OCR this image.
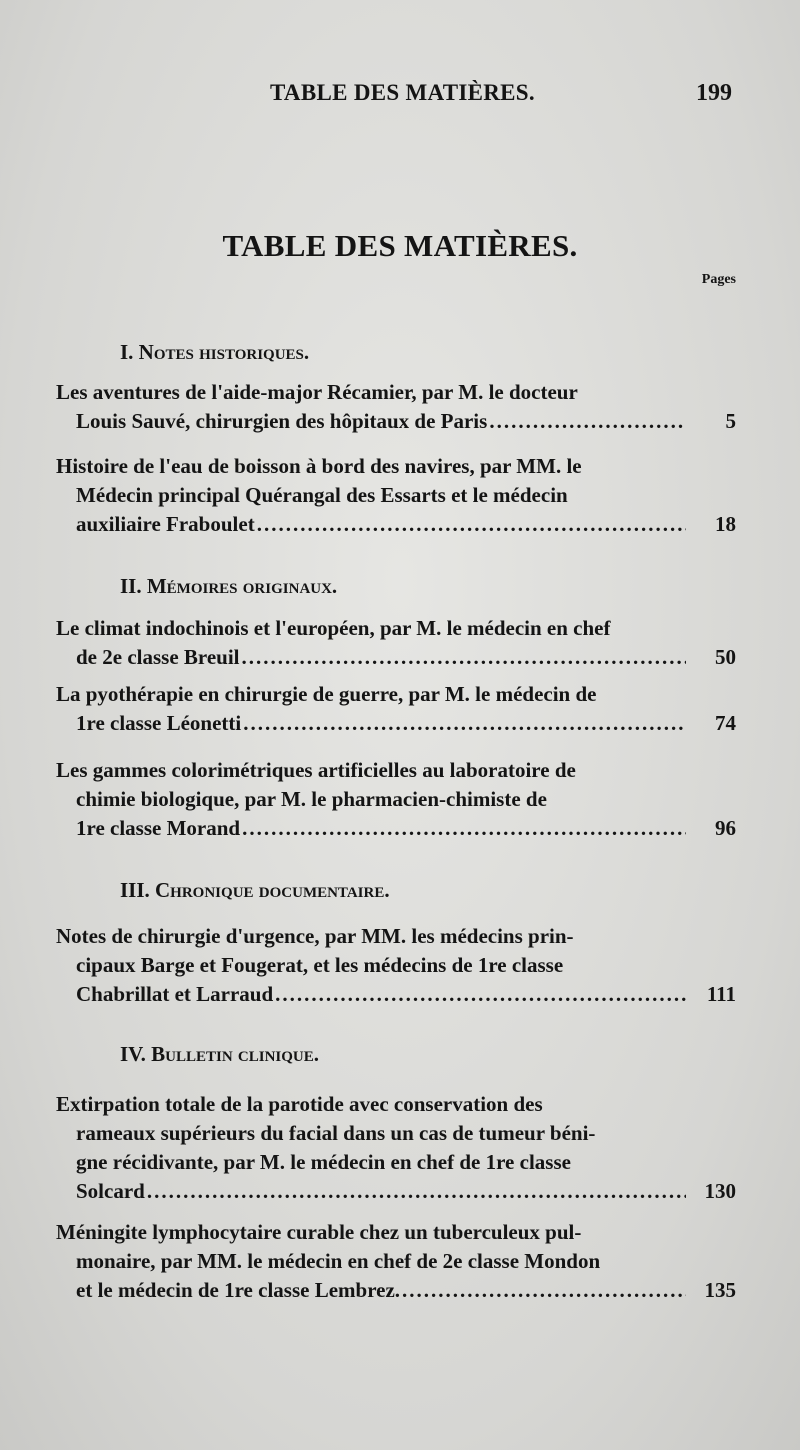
TABLE DES MATIÈRES.	199
TABLE DES MATIÈRES.
Pages
I. Notes historiques.
Les aventures de l'aide-major Récamier, par M. le docteur
Louis Sauvé, chirurgien des hôpitaux de Paris .....	5
Histoire de l'eau de boisson à bord des navires, par MM. le
Médecin principal Quérangal des Essarts et le médecin
auxiliaire Fraboulet .....	18
II. Mémoires originaux.
Le climat indochinois et l'européen, par M. le médecin en chef
de 2e classe Breuil .....	50
La pyothérapie en chirurgie de guerre, par M. le médecin de
1re classe Léonetti .....	74
Les gammes colorimétriques artificielles au laboratoire de
chimie biologique, par M. le pharmacien-chimiste de
1re classe Morand .....	96
III. Chronique documentaire.
Notes de chirurgie d'urgence, par MM. les médecins prin-
cipaux Barge et Fougerat, et les médecins de 1re classe
Chabrillat et Larraud .....	111
IV. Bulletin clinique.
Extirpation totale de la parotide avec conservation des
rameaux supérieurs du facial dans un cas de tumeur béni-
gne récidivante, par M. le médecin en chef de 1re classe
Solcard .....	130
Méningite lymphocytaire curable chez un tuberculeux pul-
monaire, par MM. le médecin en chef de 2e classe Mondon
et le médecin de 1re classe Lembrez. .....	135
